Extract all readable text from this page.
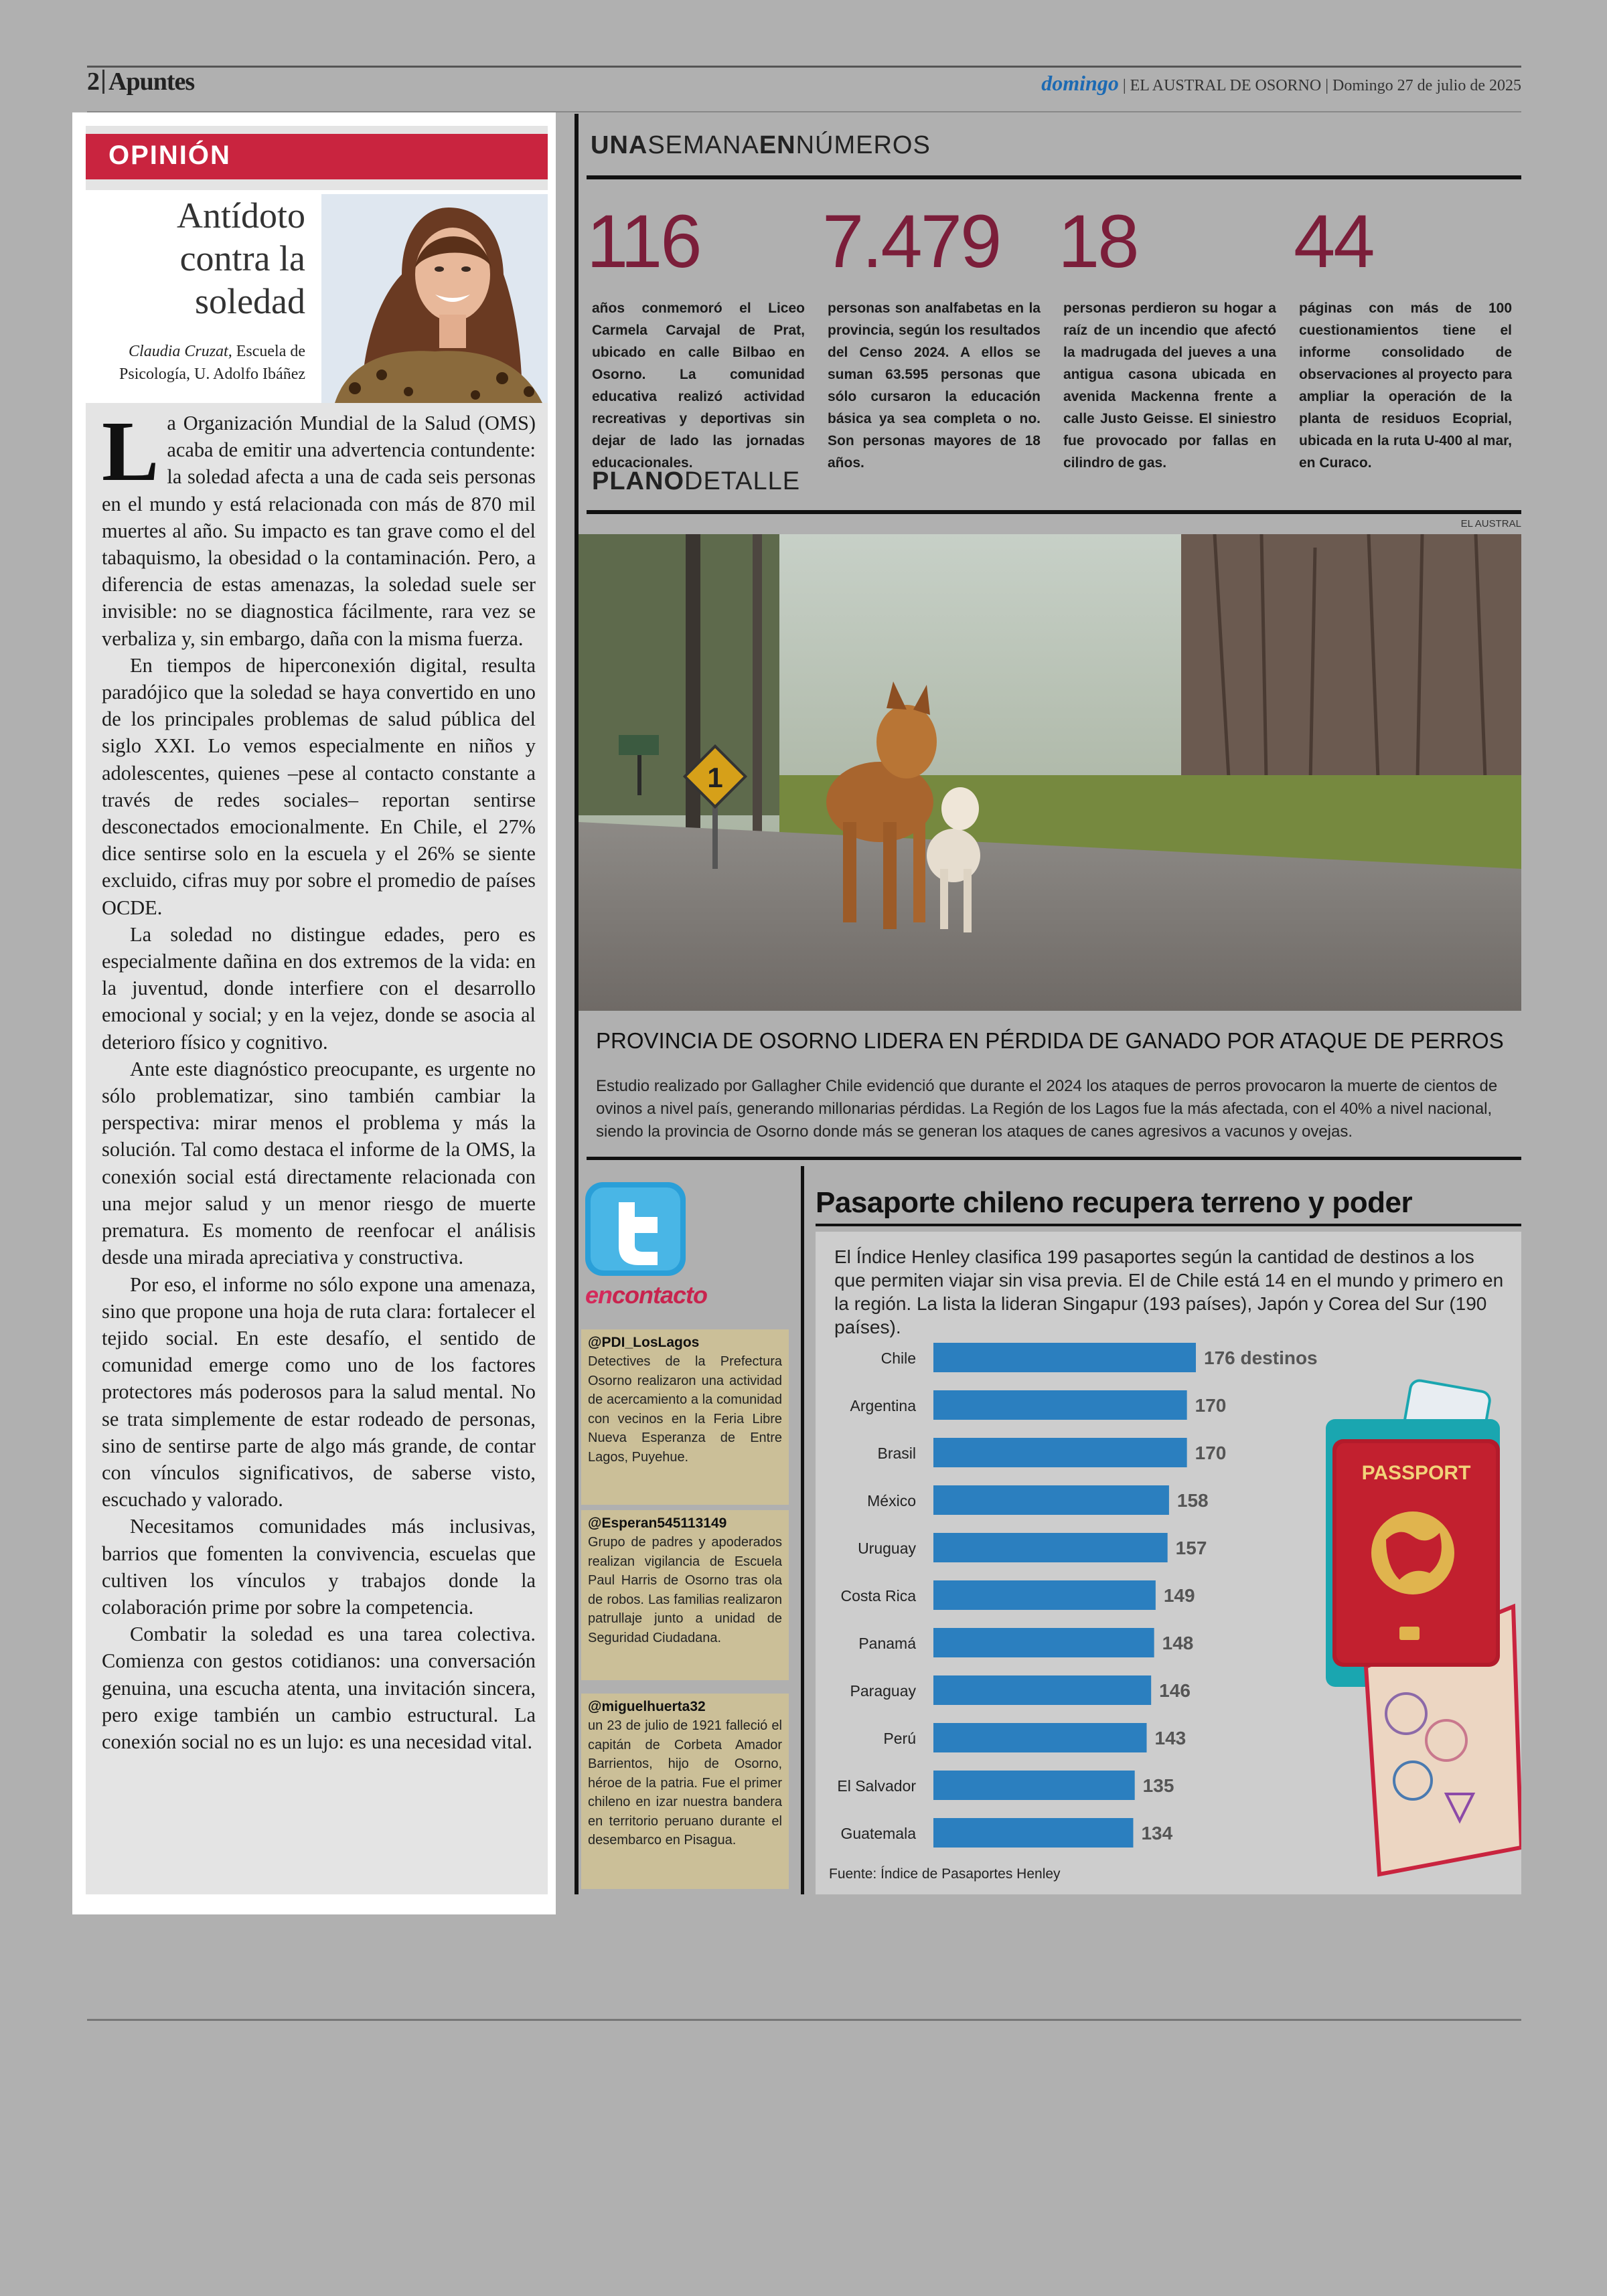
2 Apuntes	domingo | EL AUSTRAL DE OSORNO | Domingo 27 de julio de 2025
OPINIÓN
Antídoto contra la soledad
Claudia Cruzat, Escuela de Psicología, U. Adolfo Ibáñez

La Organización Mundial de la Salud (OMS) acaba de emitir una advertencia contundente: la soledad afecta a una de cada seis personas en el mundo y está relacionada con más de 870 mil muertes al año. Su impacto es tan grave como el del tabaquismo, la obesidad o la contaminación. Pero, a diferencia de estas amenazas, la soledad suele ser invisible: no se diagnostica fácilmente, rara vez se verbaliza y, sin embargo, daña con la misma fuerza.

En tiempos de hiperconexión digital, resulta paradójico que la soledad se haya convertido en uno de los principales problemas de salud pública del siglo XXI. Lo vemos especialmente en niños y adolescentes, quienes –pese al contacto constante a través de redes sociales– reportan sentirse desconectados emocionalmente. En Chile, el 27% dice sentirse solo en la escuela y el 26% se siente excluido, cifras muy por sobre el promedio de países OCDE.

La soledad no distingue edades, pero es especialmente dañina en dos extremos de la vida: en la juventud, donde interfiere con el desarrollo emocional y social; y en la vejez, donde se asocia al deterioro físico y cognitivo.

Ante este diagnóstico preocupante, es urgente no sólo problematizar, sino también cambiar la perspectiva: mirar menos el problema y más la solución. Tal como destaca el informe de la OMS, la conexión social está directamente relacionada con una mejor salud y un menor riesgo de muerte prematura. Es momento de reenfocar el análisis desde una mirada apreciativa y constructiva.

Por eso, el informe no sólo expone una amenaza, sino que propone una hoja de ruta clara: fortalecer el tejido social. En este desafío, el sentido de comunidad emerge como uno de los factores protectores más poderosos para la salud mental. No se trata simplemente de estar rodeado de personas, sino de sentirse parte de algo más grande, de contar con vínculos significativos, de saberse visto, escuchado y valorado.

Necesitamos comunidades más inclusivas, barrios que fomenten la convivencia, escuelas que cultiven los vínculos y trabajos donde la colaboración prime por sobre la competencia.

Combatir la soledad es una tarea colectiva. Comienza con gestos cotidianos: una conversación genuina, una escucha atenta, una invitación sincera, pero exige también un cambio estructural. La conexión social no es un lujo: es una necesidad vital.

UNASEMANAENNÚMEROS
116
años conmemoró el Liceo Carmela Carvajal de Prat, ubicado en calle Bilbao en Osorno. La comunidad educativa realizó actividad recreativas y deportivas sin dejar de lado las jornadas educacionales.
7.479
personas son analfabetas en la provincia, según los resultados del Censo 2024. A ellos se suman 63.595 personas que sólo cursaron la educación básica ya sea completa o no. Son personas mayores de 18 años.
18
personas perdieron su hogar a raíz de un incendio que afectó la madrugada del jueves a una antigua casona ubicada en avenida Mackenna frente a calle Justo Geisse. El siniestro fue provocado por fallas en cilindro de gas.
44
páginas con más de 100 cuestionamientos tiene el informe consolidado de observaciones al proyecto para ampliar la operación de la planta de residuos Ecoprial, ubicada en la ruta U-400 al mar, en Curaco.
PLANODETALLE
EL AUSTRAL
1
PROVINCIA DE OSORNO LIDERA EN PÉRDIDA DE GANADO POR ATAQUE DE PERROS
Estudio realizado por Gallagher Chile evidenció que durante el 2024 los ataques de perros provocaron la muerte de cientos de ovinos a nivel país, generando millonarias pérdidas. La Región de los Lagos fue la más afectada, con el 40% a nivel nacional, siendo la provincia de Osorno donde más se generan los ataques de canes agresivos a vacunos y ovejas.
encontacto
@PDI_LosLagos
Detectives de la Prefectura Osorno realizaron una actividad de acercamiento a la comunidad con vecinos en la Feria Libre Nueva Esperanza de Entre Lagos, Puyehue.
@Esperan545113149
Grupo de padres y apoderados realizan vigilancia de Escuela Paul Harris de Osorno tras ola de robos. Las familias realizaron patrullaje junto a unidad de Seguridad Ciudadana.
@miguelhuerta32
un 23 de julio de 1921 falleció el capitán de Corbeta Amador Barrientos, hijo de Osorno, héroe de la patria. Fue el primer chileno en izar nuestra bandera en territorio peruano durante el desembarco en Pisagua.
Pasaporte chileno recupera terreno y poder
El Índice Henley clasifica 199 pasaportes según la cantidad de destinos a los que permiten viajar sin visa previa. El de Chile está 14 en el mundo y primero en la región. La lista la lideran Singapur (193 países), Japón y Corea del Sur (190 países).
PASSPORT
Chile	176 destinos
Argentina	170
Brasil	170
México	158
Uruguay	157
Costa Rica	149
Panamá	148
Paraguay	146
Perú	143
El Salvador	135
Guatemala	134
Fuente: Índice de Pasaportes Henley
